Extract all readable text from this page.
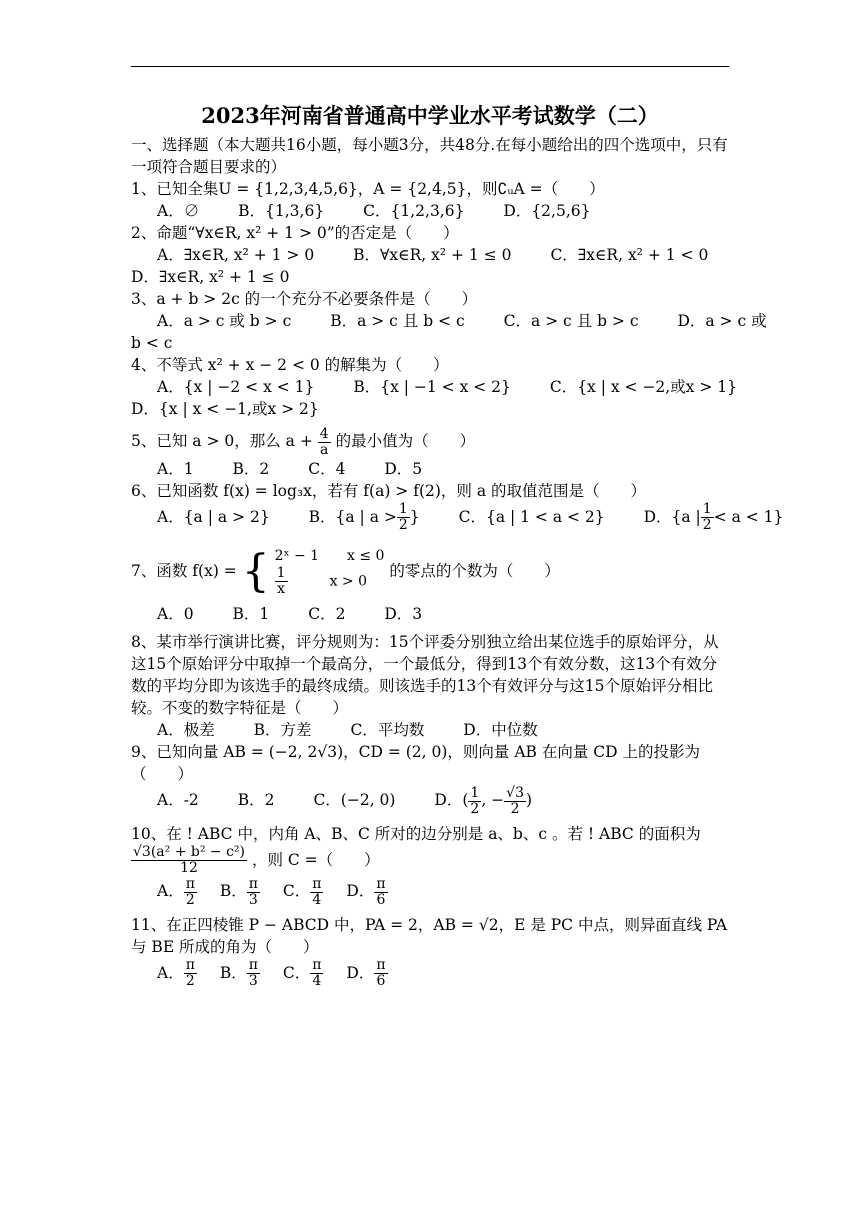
2023年河南省普通高中学业水平考试数学（二）

一、选择题（本大题共16小题，每小题3分，共48分.在每小题给出的四个选项中，只有一项符合题目要求的）

1、已知全集U = {1,2,3,4,5,6}，A = {2,4,5}，则∁ᵤA =（　　）

A．∅	B．{1,3,6}	C．{1,2,3,6}	D．{2,5,6}

2、命题“∀x∈R, x² + 1 > 0”的否定是（　　）

A．∃x∈R, x² + 1 > 0	B．∀x∈R, x² + 1 ≤ 0	C．∃x∈R, x² + 1 < 0

D．∃x∈R, x² + 1 ≤ 0

3、a + b > 2c 的一个充分不必要条件是（　　）

A．a > c 或 b > c	B．a > c 且 b < c	C．a > c 且 b > c	D．a > c 或

b < c

4、不等式 x² + x − 2 < 0 的解集为（　　）

A．{x | −2 < x < 1}	B．{x | −1 < x < 2}	C．{x | x < −2,或x > 1}

D．{x | x < −1,或x > 2}

5、已知 a > 0，那么 $a + \frac{4}{a}$ 的最小值为（　　）

A．1	B．2	C．4	D．5

6、已知函数 f(x) = log₃x，若有 f(a) > f(2)，则 a 的取值范围是（　　）

A．{a | a > 2}	B．{a | $a > \frac{1}{2}$ }	C．{a | 1 < a < 2}	D．{a | $\frac{1}{2} < a < 1$}

7、函数 f(x) = { 2ˣ − 1　　x ≤ 0
$\frac{1}{x}$
　　　	x > 0
的零点的个数为（　　）

A．0	B．1	C．2	D．3

8、某市举行演讲比赛，评分规则为：15个评委分别独立给出某位选手的原始评分，从这15个原始评分中取掉一个最高分，一个最低分，得到13个有效分数，这13个有效分数的平均分即为该选手的最终成绩。则该选手的13个有效评分与这15个原始评分相比较。不变的数字特征是（　　）

A．极差	B．方差	C．平均数	D．中位数

9、已知向量 AB = (−2, 2√3)，CD = (2, 0)，则向量 AB 在向量 CD 上的投影为（　　）

A．-2	B．2	C．(−2, 0)	D．( $\frac{1}{2}$ , − $\frac{√3}{2}$ )

10、在 ! ABC 中，内角 A、B、C 所对的边分别是 a、b、c 。若 ! ABC 的面积为

$\frac{\text{√3(a² + b² − c²)}}{12}$ ，则 C =（　　）

A． $\frac{\pi}{2}$ B． $\frac{\pi}{3}$ C． $\frac{\pi}{4}$ D． $\frac{\pi}{6}$

11、在正四棱锥 P − ABCD 中，PA = 2，AB = √2，E 是 PC 中点，则异面直线 PA 与 BE 所成的角为（　　）

A． $\frac{\pi}{2}$ B． $\frac{\pi}{3}$ C． $\frac{\pi}{4}$ D． $\frac{\pi}{6}$
